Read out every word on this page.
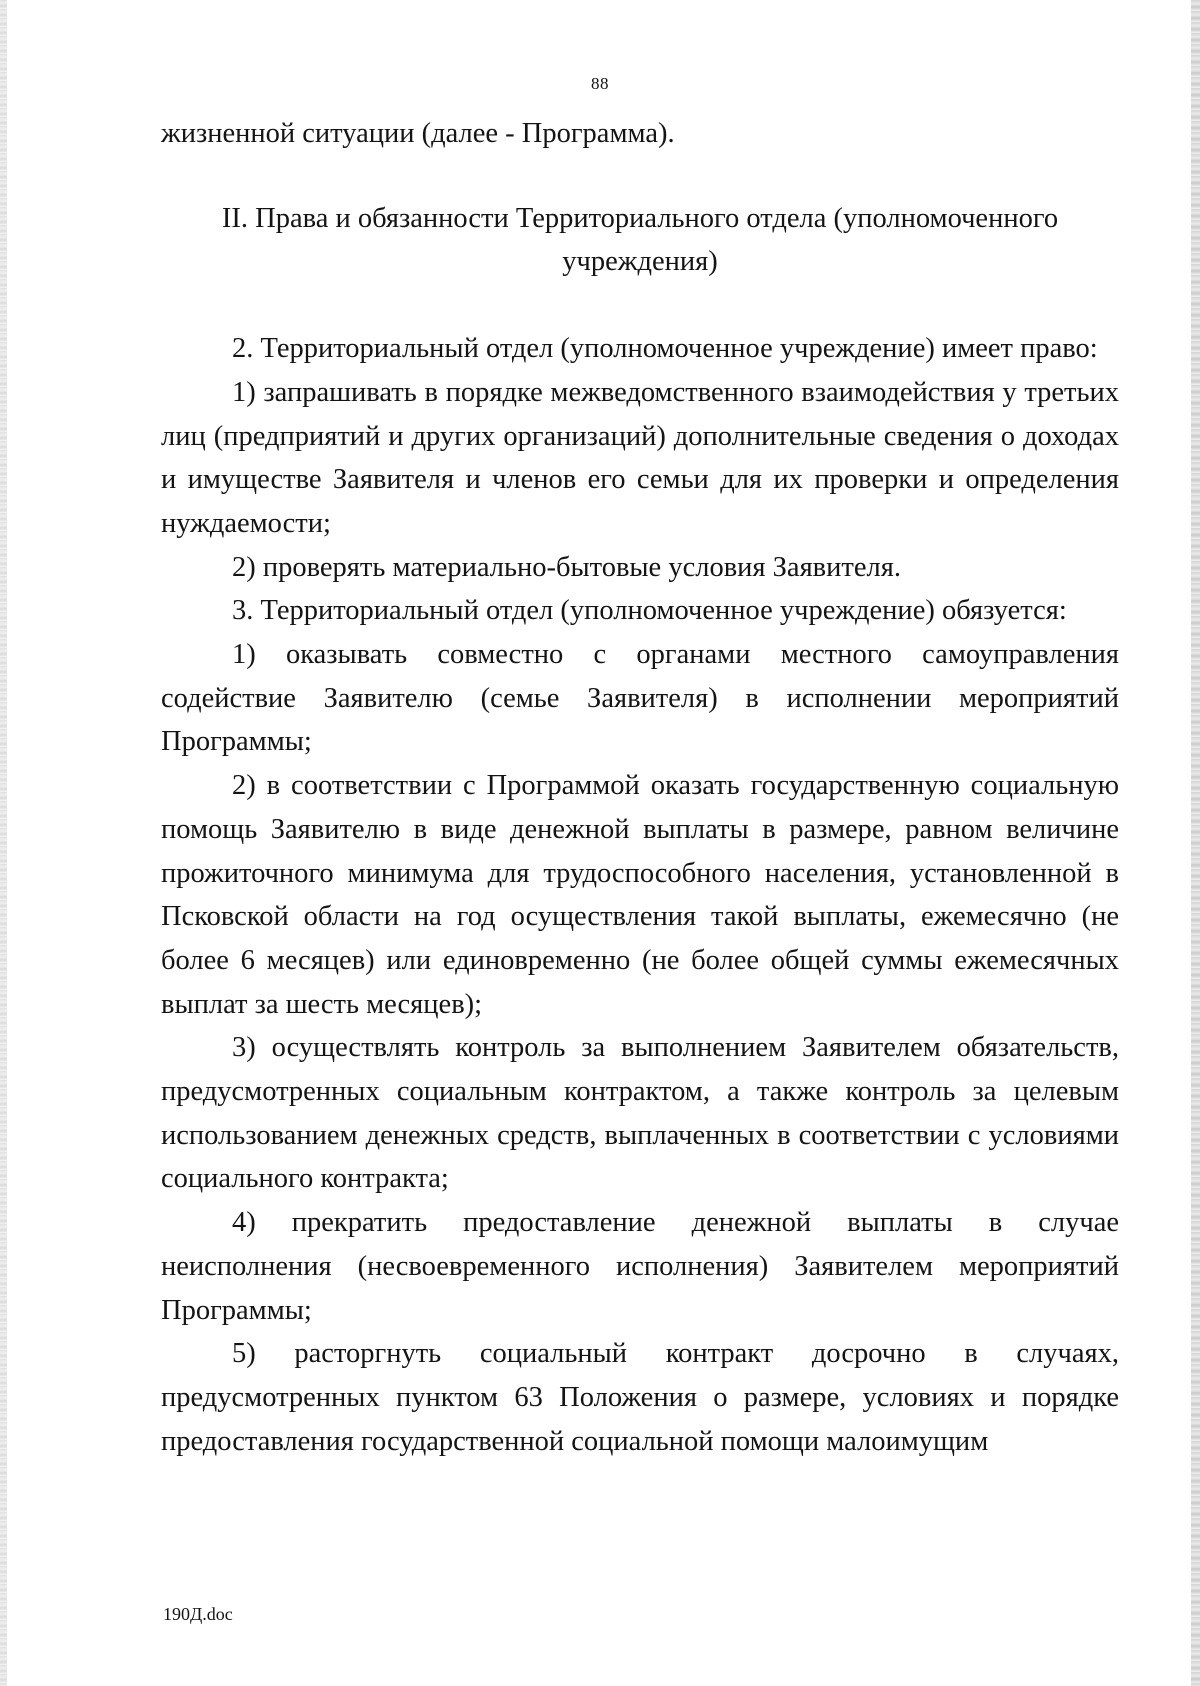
88

жизненной ситуации (далее - Программа).

II. Права и обязанности Территориального отдела (уполномоченного учреждения)

2. Территориальный отдел (уполномоченное учреждение) имеет право:

1) запрашивать в порядке межведомственного взаимодействия у третьих лиц (предприятий и других организаций) дополнительные сведения о доходах и имуществе Заявителя и членов его семьи для их проверки и определения нуждаемости;

2) проверять материально-бытовые условия Заявителя.

3. Территориальный отдел (уполномоченное учреждение) обязуется:

1) оказывать совместно с органами местного самоуправления содействие Заявителю (семье Заявителя) в исполнении мероприятий Программы;

2) в соответствии с Программой оказать государственную социальную помощь Заявителю в виде денежной выплаты в размере, равном величине прожиточного минимума для трудоспособного населения, установленной в Псковской области на год осуществления такой выплаты, ежемесячно (не более 6 месяцев) или единовременно (не более общей суммы ежемесячных выплат за шесть месяцев);

3) осуществлять контроль за выполнением Заявителем обязательств, предусмотренных социальным контрактом, а также контроль за целевым использованием денежных средств, выплаченных в соответствии с условиями социального контракта;

4) прекратить предоставление денежной выплаты в случае неисполнения (несвоевременного исполнения) Заявителем мероприятий Программы;

5) расторгнуть социальный контракт досрочно в случаях, предусмотренных пунктом 63 Положения о размере, условиях и порядке предоставления государственной социальной помощи малоимущим

190Д.doc
